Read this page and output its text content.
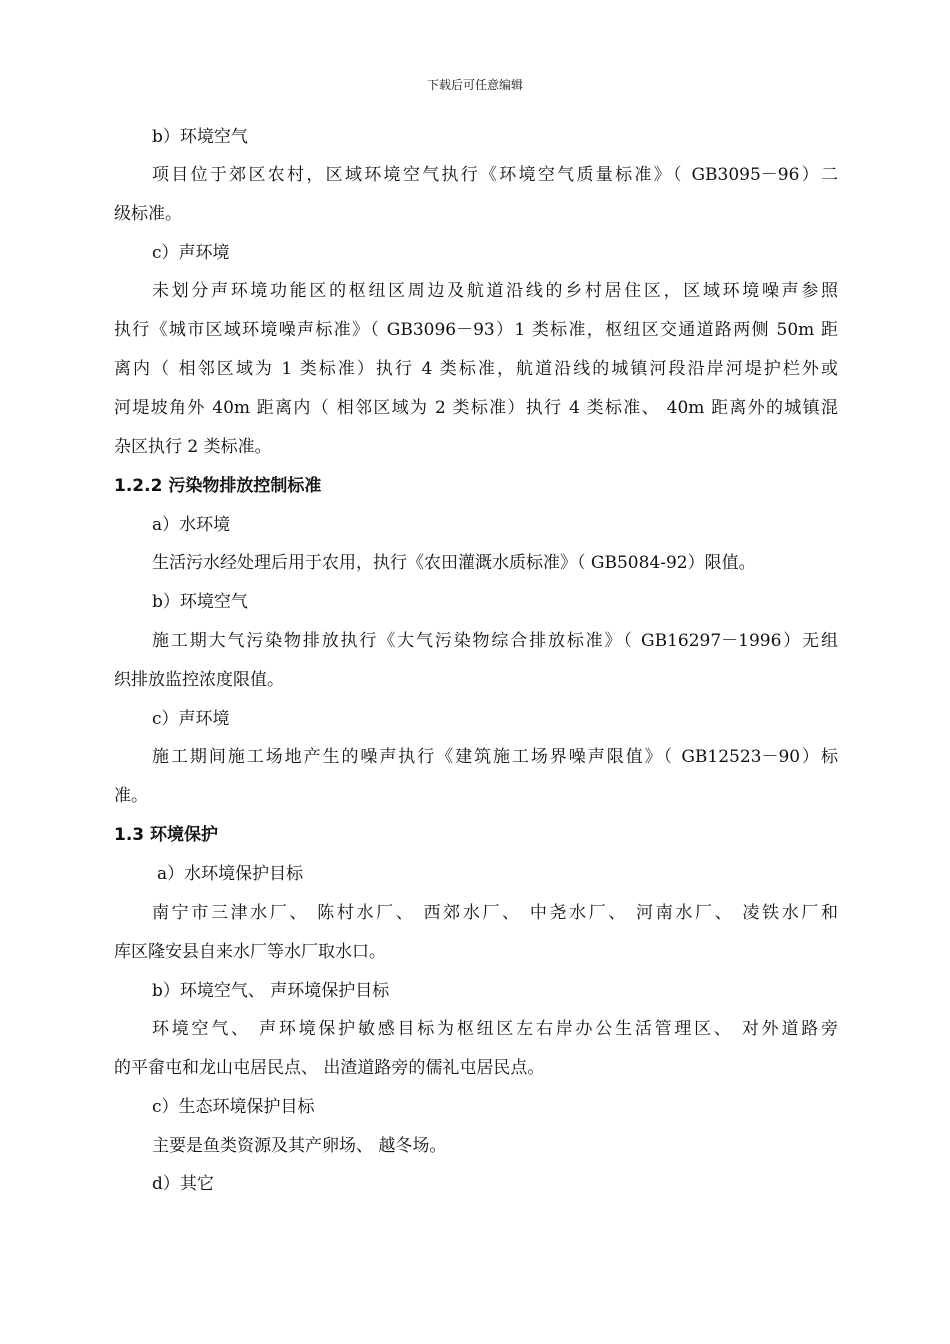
下载后可任意编辑
b）环境空气
项目位于郊区农村，区域环境空气执行《环境空气质量标准》（ GB3095－96）二
级标准。
c）声环境
未划分声环境功能区的枢纽区周边及航道沿线的乡村居住区，区域环境噪声参照
执行《城市区域环境噪声标准》（ GB3096－93）1 类标准，枢纽区交通道路两侧 50m 距
离内（ 相邻区域为 1 类标准）执行 4 类标准，航道沿线的城镇河段沿岸河堤护栏外或
河堤坡角外 40m 距离内（ 相邻区域为 2 类标准）执行 4 类标准、 40m 距离外的城镇混
杂区执行 2 类标准。
1.2.2 污染物排放控制标准
a）水环境
生活污水经处理后用于农用，执行《农田灌溉水质标准》（ GB5084-92）限值。
b）环境空气
施工期大气污染物排放执行《大气污染物综合排放标准》（ GB16297－1996）无组
织排放监控浓度限值。
c）声环境
施工期间施工场地产生的噪声执行《建筑施工场界噪声限值》（ GB12523－90）标
准。
1.3 环境保护
a）水环境保护目标
南宁市三津水厂、 陈村水厂、 西郊水厂、 中尧水厂、 河南水厂、 凌铁水厂和
库区隆安县自来水厂等水厂取水口。
b）环境空气、 声环境保护目标
环境空气、 声环境保护敏感目标为枢纽区左右岸办公生活管理区、 对外道路旁
的平畲屯和龙山屯居民点、 出渣道路旁的儒礼屯居民点。
c）生态环境保护目标
主要是鱼类资源及其产卵场、 越冬场。
d）其它
